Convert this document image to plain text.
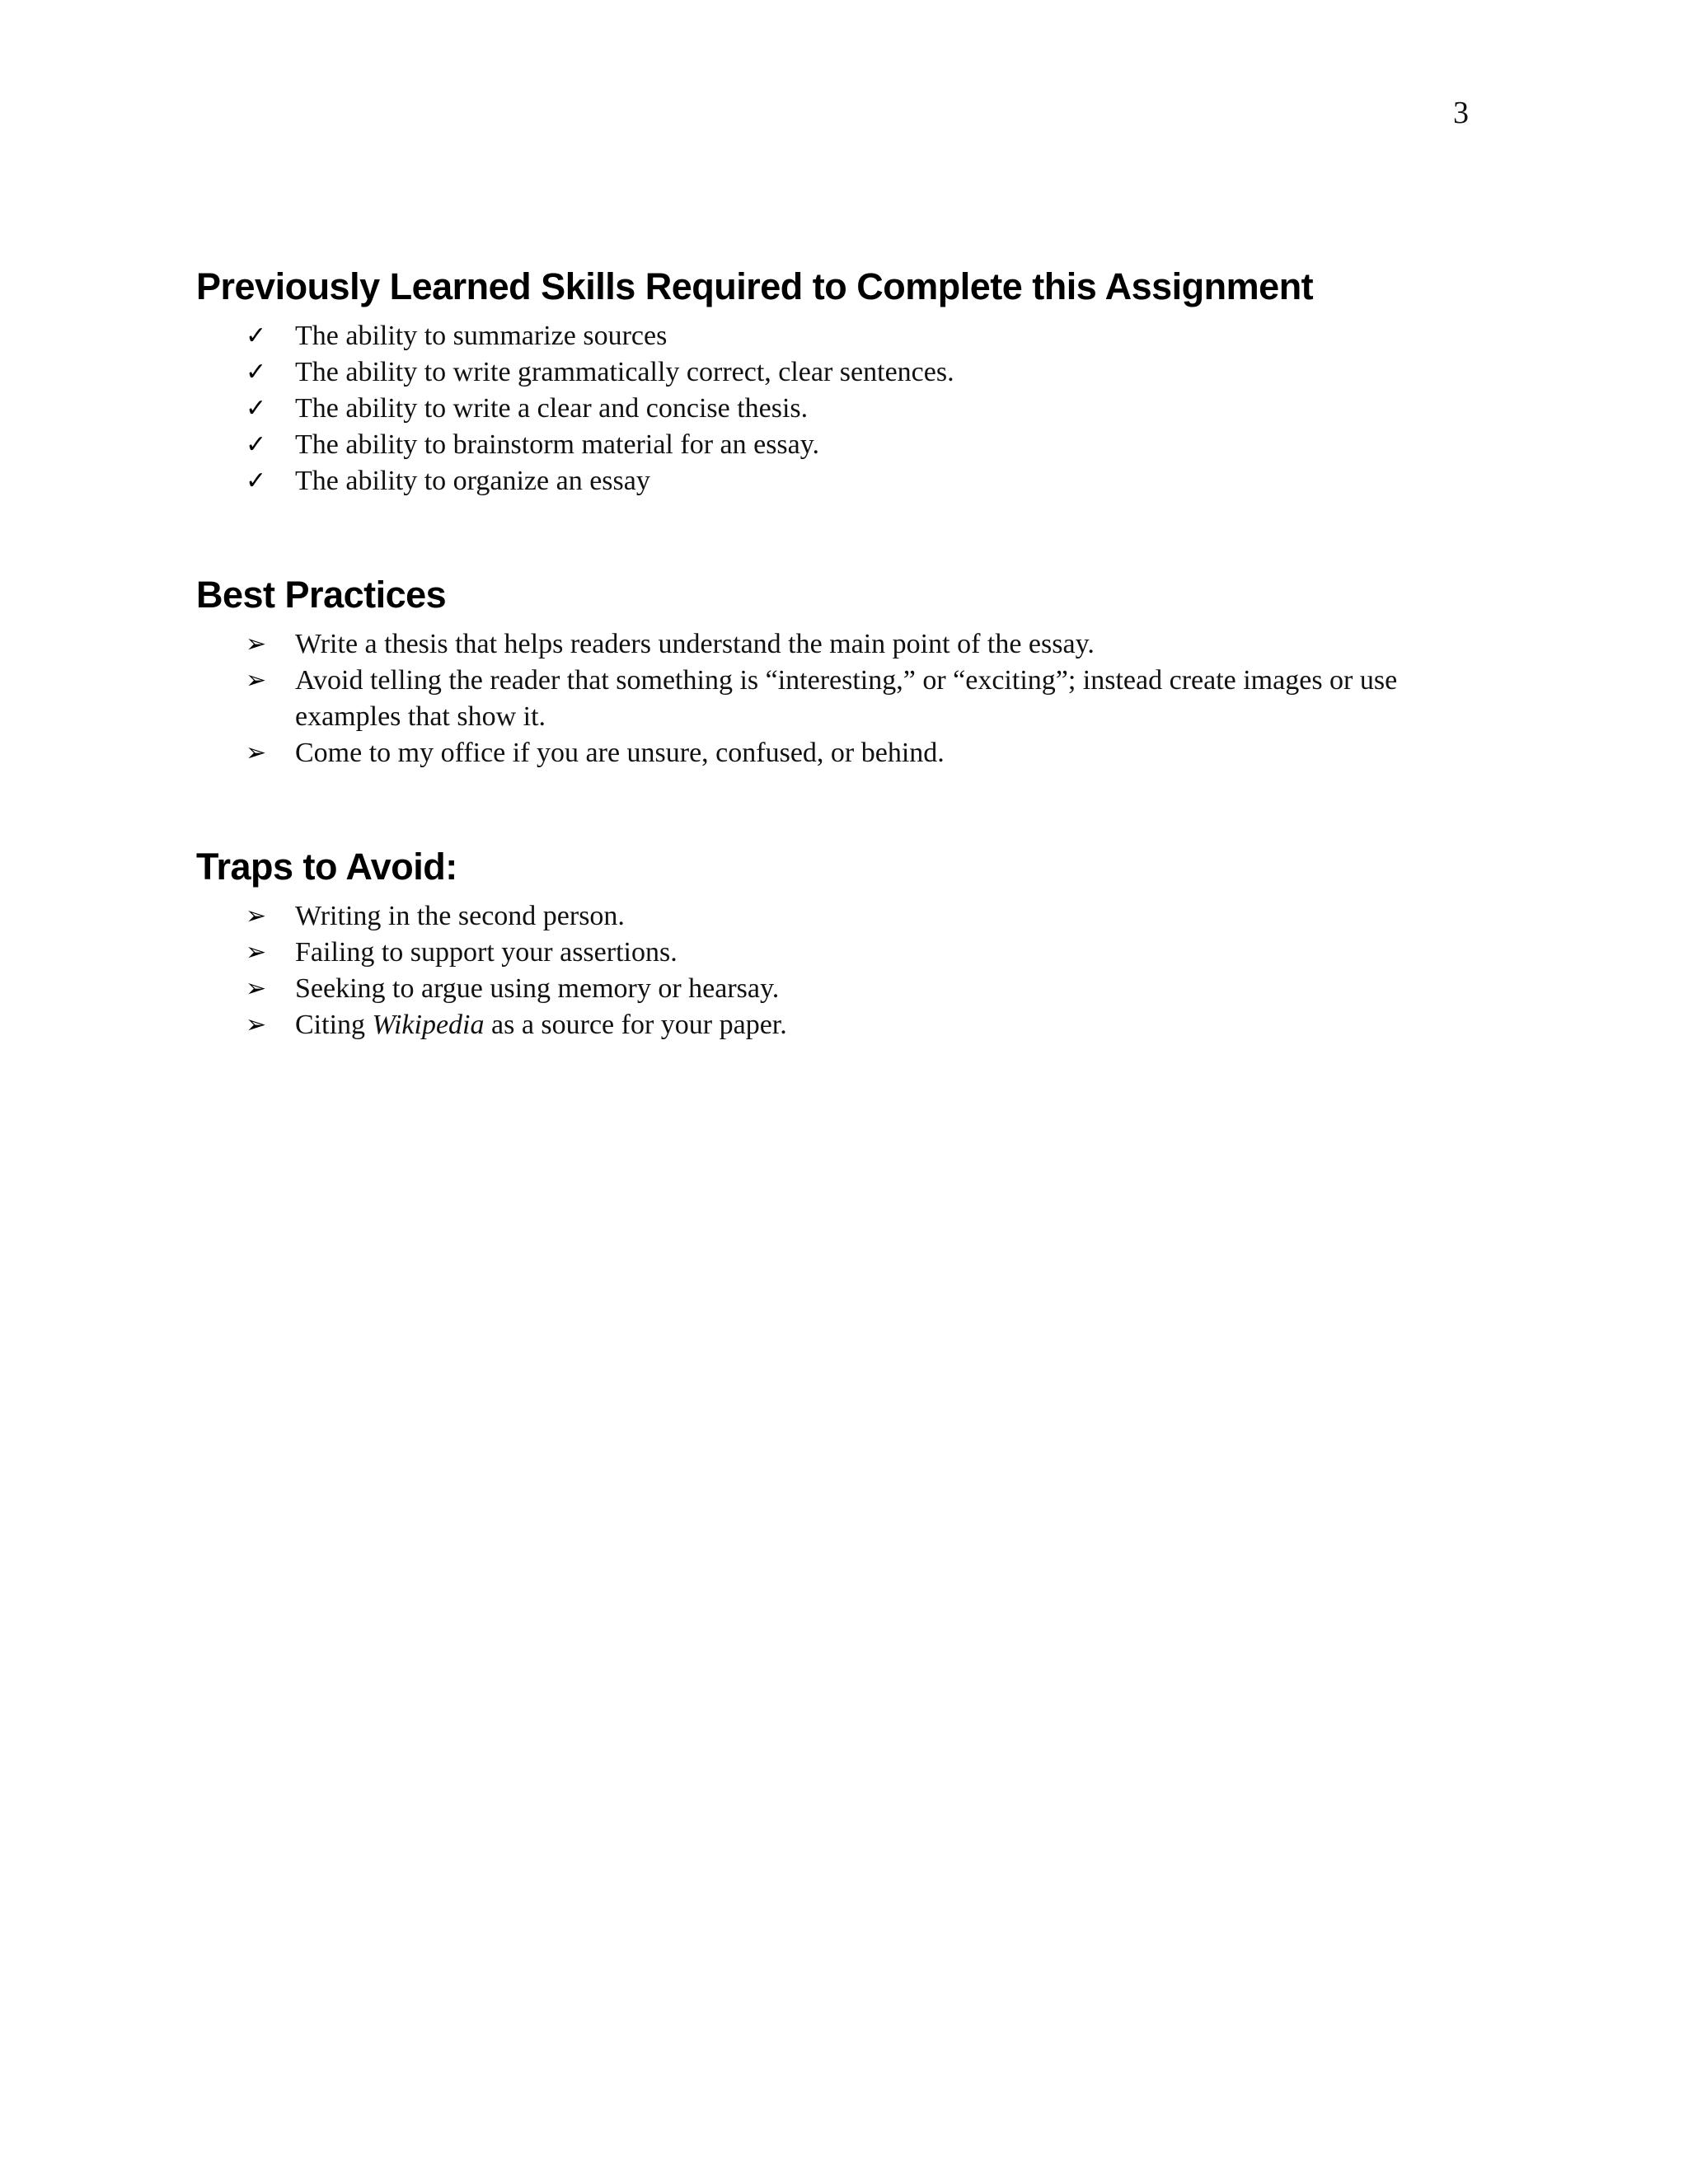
3
Previously Learned Skills Required to Complete this Assignment
✓	The ability to summarize sources
✓	The ability to write grammatically correct, clear sentences.
✓	The ability to write a clear and concise thesis.
✓	The ability to brainstorm material for an essay.
✓	The ability to organize an essay
Best Practices
➢	Write a thesis that helps readers understand the main point of the essay.
➢	Avoid telling the reader that something is “interesting,” or “exciting”; instead create images or use examples that show it.
➢	Come to my office if you are unsure, confused, or behind.
Traps to Avoid:
➢	Writing in the second person.
➢	Failing to support your assertions.
➢	Seeking to argue using memory or hearsay.
➢	Citing Wikipedia as a source for your paper.
